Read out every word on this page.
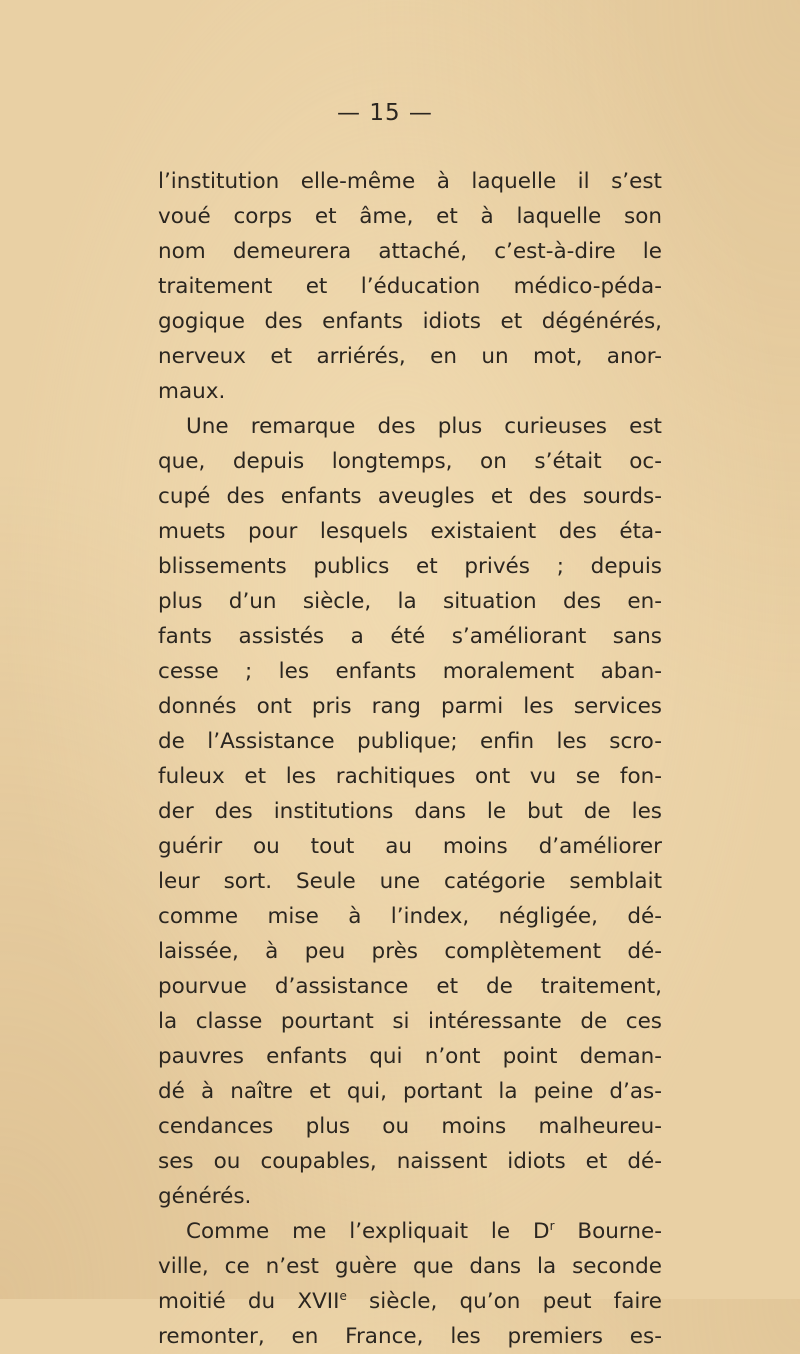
— 15 —
l’institution elle-même à laquelle il s’est
voué corps et âme, et à laquelle son
nom demeurera attaché, c’est-à-dire le
traitement et l’éducation médico-péda-
gogique des enfants idiots et dégénérés,
nerveux et arriérés, en un mot, anor-
maux.
Une remarque des plus curieuses est
que, depuis longtemps, on s’était oc-
cupé des enfants aveugles et des sourds-
muets pour lesquels existaient des éta-
blissements publics et privés ; depuis
plus d’un siècle, la situation des en-
fants assistés a été s’améliorant sans
cesse ; les enfants moralement aban-
donnés ont pris rang parmi les services
de l’Assistance publique; enfin les scro-
fuleux et les rachitiques ont vu se fon-
der des institutions dans le but de les
guérir ou tout au moins d’améliorer
leur sort. Seule une catégorie semblait
comme mise à l’index, négligée, dé-
laissée, à peu près complètement dé-
pourvue d’assistance et de traitement,
la classe pourtant si intéressante de ces
pauvres enfants qui n’ont point deman-
dé à naître et qui, portant la peine d’as-
cendances plus ou moins malheureu-
ses ou coupables, naissent idiots et dé-
générés.
Comme me l’expliquait le $D^r$ Bourne-
ville, ce n’est guère que dans la seconde
moitié du XVIIe siècle, qu’on peut faire
remonter, en France, les premiers es-
